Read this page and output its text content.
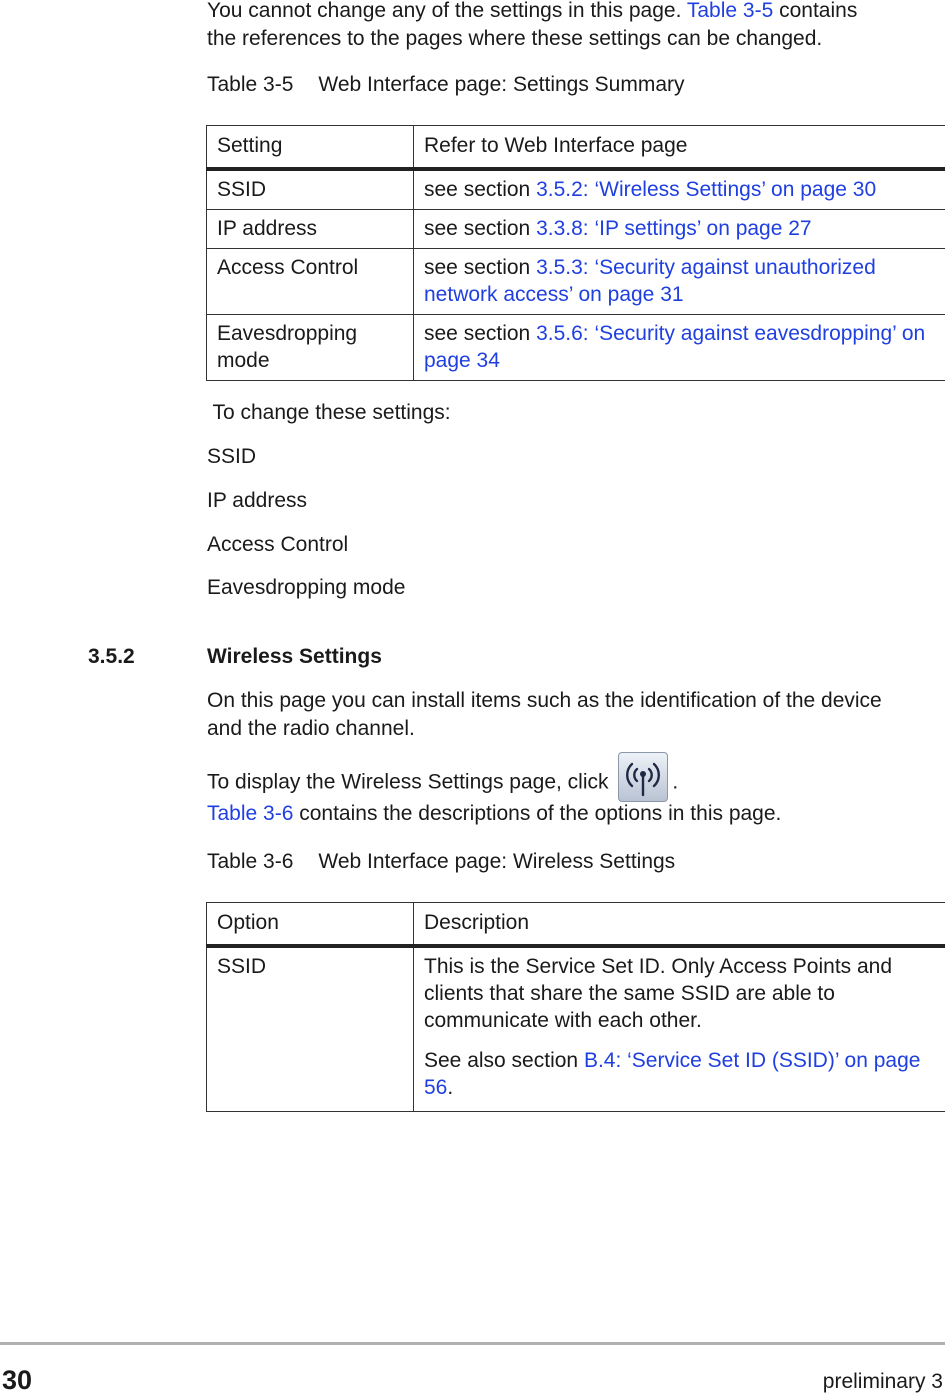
You cannot change any of the settings in this page. Table 3-5 contains
the references to the pages where these settings can be changed.
Table 3-5 Web Interface page: Settings Summary
Setting	Refer to Web Interface page
SSID	see section 3.5.2: ‘Wireless Settings’ on page 30
IP address	see section 3.3.8: ‘IP settings’ on page 27
Access Control	see section 3.5.3: ‘Security against unauthorized network access’ on page 31
Eavesdropping mode	see section 3.5.6: ‘Security against eavesdropping’ on page 34
To change these settings:
SSID
IP address
Access Control
Eavesdropping mode
3.5.2	Wireless Settings
On this page you can install items such as the identification of the device
and the radio channel.
To display the Wireless Settings page, click	.
Table 3-6 contains the descriptions of the options in this page.
Table 3-6 Web Interface page: Wireless Settings
Option	Description
SSID	This is the Service Set ID. Only Access Points and clients that share the same SSID are able to communicate with each other.

See also section B.4: ‘Service Set ID (SSID)’ on page 56.

30	preliminary 3
